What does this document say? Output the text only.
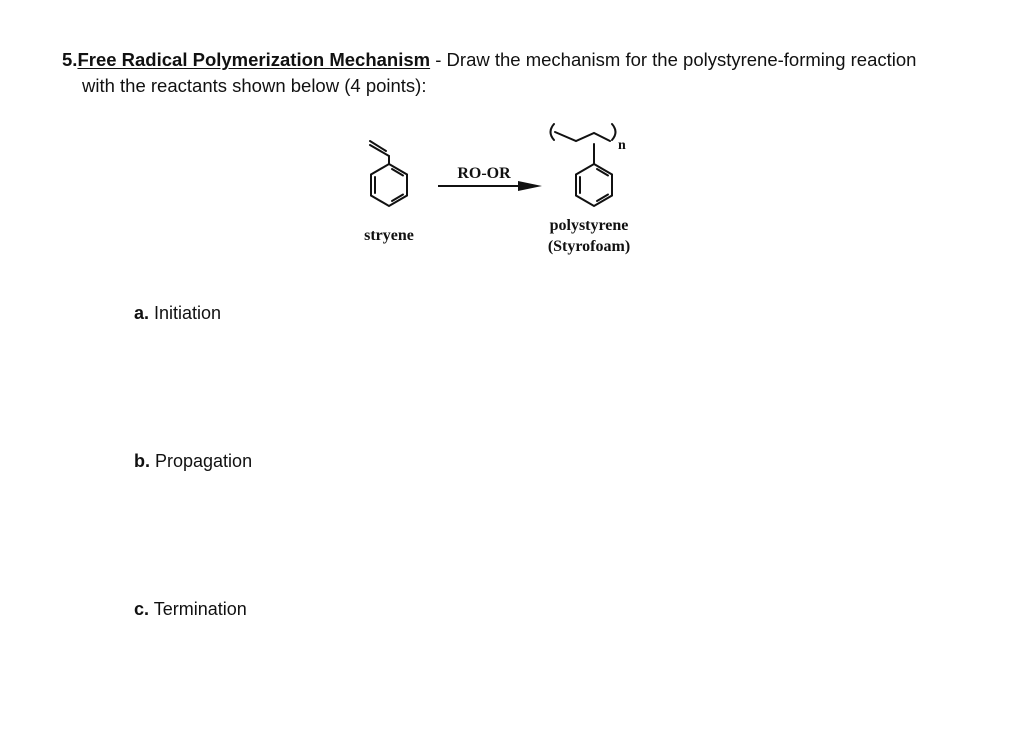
5.Free Radical Polymerization Mechanism - Draw the mechanism for the polystyrene-forming reaction
with the reactants shown below (4 points):
n
RO-OR
stryene
polystyrene
(Styrofoam)
a. Initiation
b. Propagation
c. Termination
